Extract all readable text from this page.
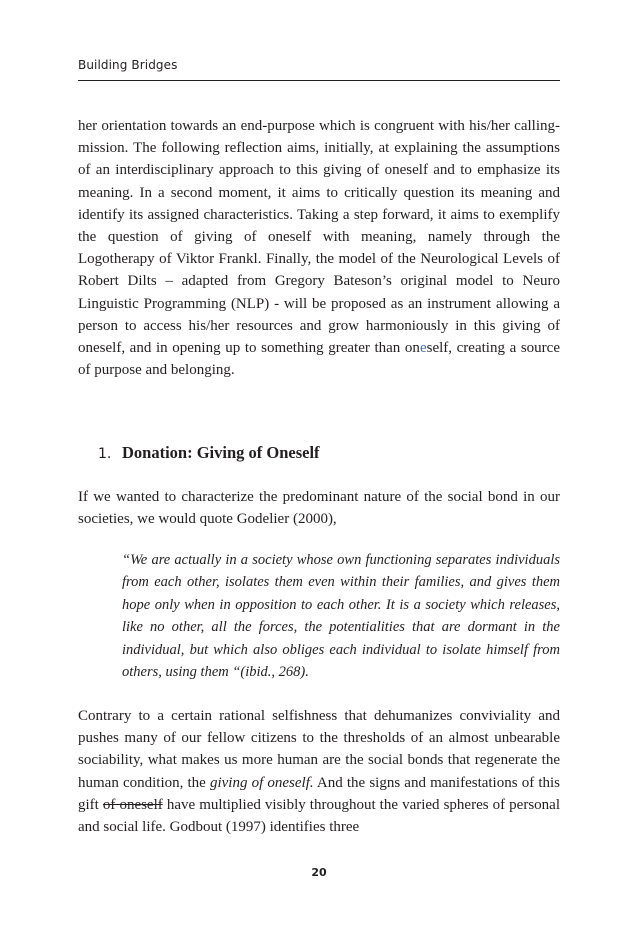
Building Bridges
her orientation towards an end-purpose which is congruent with his/her calling-mission. The following reflection aims, initially, at explaining the assumptions of an interdisciplinary approach to this giving of oneself and to emphasize its meaning. In a second moment, it aims to critically question its meaning and identify its assigned characteristics. Taking a step forward, it aims to exemplify the question of giving of oneself with meaning, namely through the Logotherapy of Viktor Frankl. Finally, the model of the Neurological Levels of Robert Dilts – adapted from Gregory Bateson’s original model to Neuro Linguistic Programming (NLP) - will be proposed as an instrument allowing a person to access his/her resources and grow harmoniously in this giving of oneself, and in opening up to something greater than oneself, creating a source of purpose and belonging.
1. Donation: Giving of Oneself
If we wanted to characterize the predominant nature of the social bond in our societies, we would quote Godelier (2000),
“We are actually in a society whose own functioning separates individuals from each other, isolates them even within their families, and gives them hope only when in opposition to each other. It is a society which releases, like no other, all the forces, the potentialities that are dormant in the individual, but which also obliges each individual to isolate himself from others, using them “(ibid., 268).
Contrary to a certain rational selfishness that dehumanizes conviviality and pushes many of our fellow citizens to the thresholds of an almost unbearable sociability, what makes us more human are the social bonds that regenerate the human condition, the giving of oneself. And the signs and manifestations of this gift of oneself have multiplied visibly throughout the varied spheres of personal and social life. Godbout (1997) identifies three
20
